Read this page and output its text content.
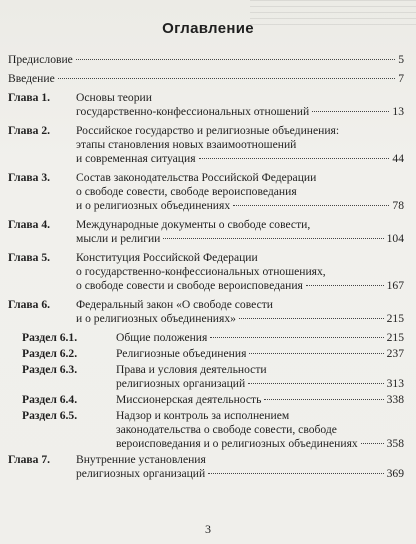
Оглавление
Предисловие	5
Введение	7
Глава 1.	Основы теории
государственно-конфессиональных отношений	13
Глава 2.	Российское государство и религиозные объединения:
этапы становления новых взаимоотношений
и современная ситуация	44
Глава 3.	Состав законодательства Российской Федерации
о свободе совести, свободе вероисповедания
и о религиозных объединениях	78
Глава 4.	Международные документы о свободе совести,
мысли и религии	104
Глава 5.	Конституция Российской Федерации
о государственно-конфессиональных отношениях,
о свободе совести и свободе вероисповедания	167
Глава 6.	Федеральный закон «О свободе совести
и о религиозных объединениях»	215
Раздел 6.1.	Общие положения	215
Раздел 6.2.	Религиозные объединения	237
Раздел 6.3.	Права и условия деятельности
религиозных организаций	313
Раздел 6.4.	Миссионерская деятельность	338
Раздел 6.5.	Надзор и контроль за исполнением
законодательства о свободе совести, свободе
вероисповедания и о религиозных объединениях 358
Глава 7.	Внутренние установления
религиозных организаций	369
3
